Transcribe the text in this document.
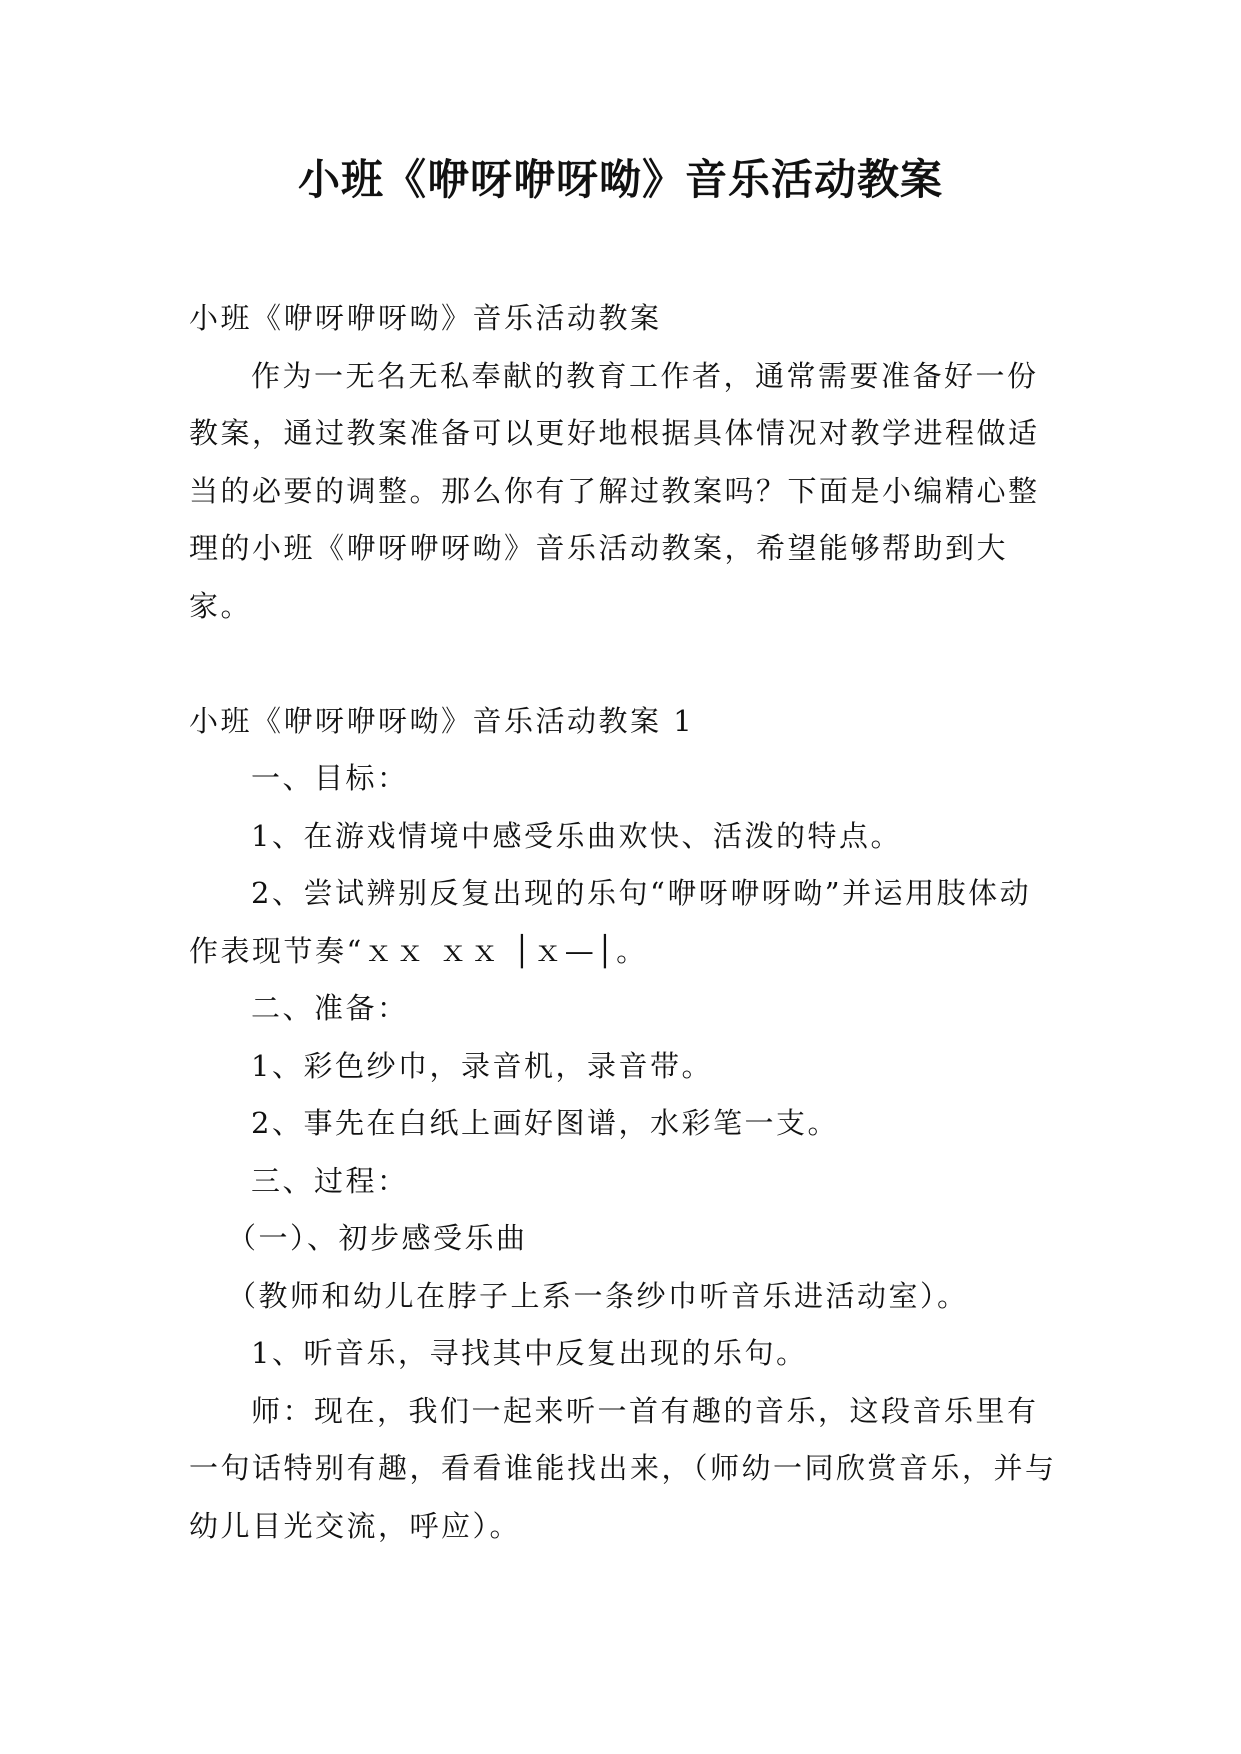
小班《咿呀咿呀呦》音乐活动教案

小班《咿呀咿呀呦》音乐活动教案

作为一无名无私奉献的教育工作者，通常需要准备好一份教案，通过教案准备可以更好地根据具体情况对教学进程做适当的必要的调整。那么你有了解过教案吗？下面是小编精心整理的小班《咿呀咿呀呦》音乐活动教案，希望能够帮助到大家。

小班《咿呀咿呀呦》音乐活动教案 1

一、目标：

1、在游戏情境中感受乐曲欢快、活泼的特点。

2、尝试辨别反复出现的乐句“咿呀咿呀呦”并运用肢体动作表现节奏“ｘｘ ｘｘ │ｘ—│。

二、准备：

1、彩色纱巾，录音机，录音带。

2、事先在白纸上画好图谱，水彩笔一支。

三、过程：

（一）、初步感受乐曲

（教师和幼儿在脖子上系一条纱巾听音乐进活动室）。

1、听音乐，寻找其中反复出现的乐句。

师：现在，我们一起来听一首有趣的音乐，这段音乐里有一句话特别有趣，看看谁能找出来，（师幼一同欣赏音乐，并与幼儿目光交流，呼应）。
